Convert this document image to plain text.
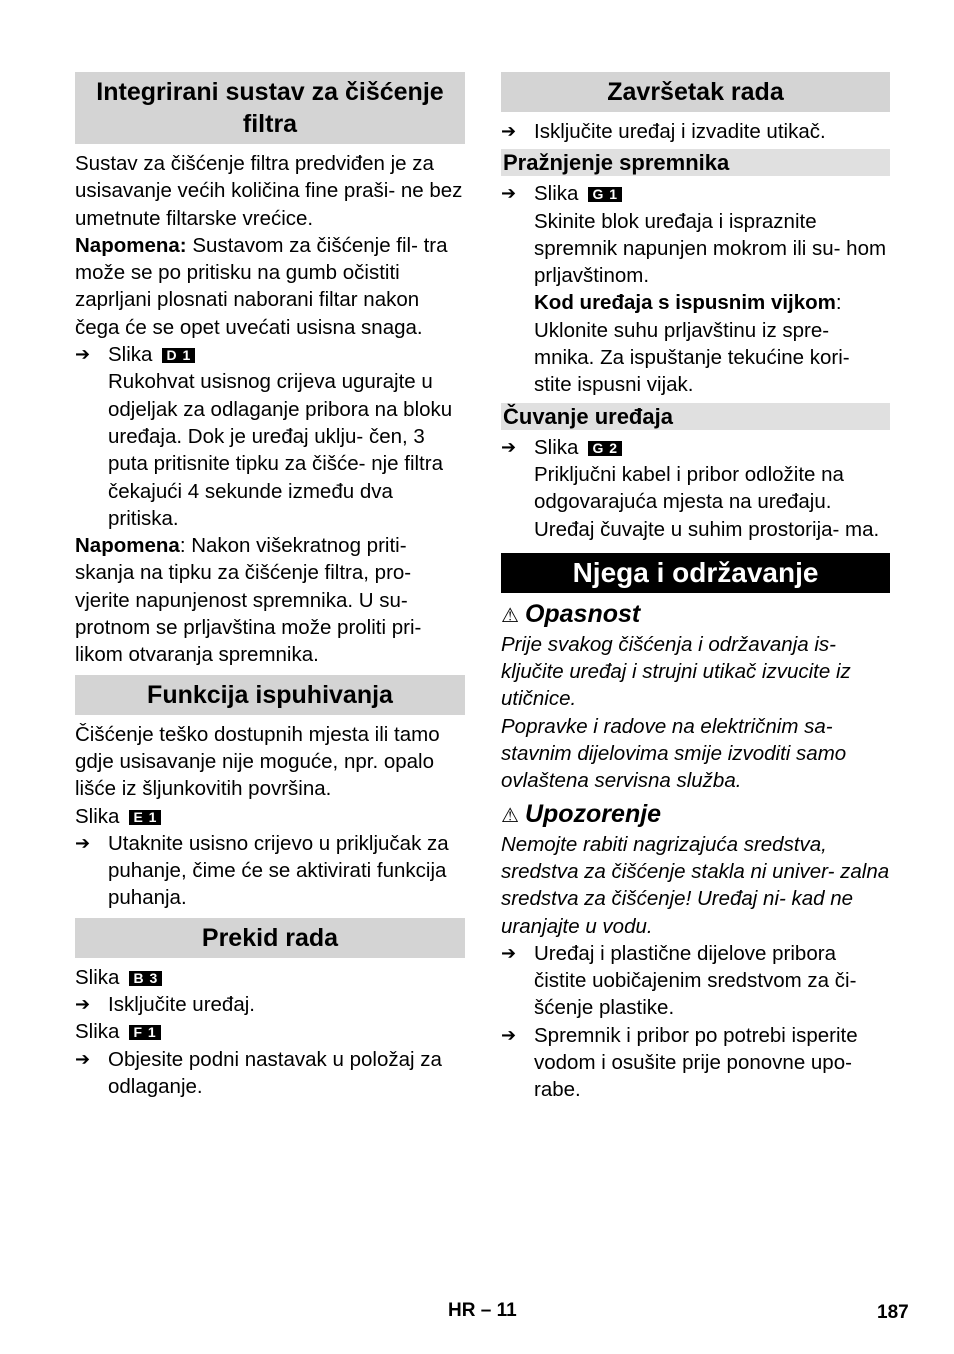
Integrirani sustav za čišćenje filtra

Sustav za čišćenje filtra predviđen je za usisavanje većih količina fine praši- ne bez umetnute filtarske vrećice.

Napomena: Sustavom za čišćenje fil- tra može se po pritisku na gumb očistiti zaprljani plosnati naborani filtar nakon čega će se opet uvećati usisna snaga.

➔ Slika D 1
Rukohvat usisnog crijeva ugurajte u odjeljak za odlaganje pribora na bloku uređaja. Dok je uređaj uklju- čen, 3 puta pritisnite tipku za čišće- nje filtra čekajući 4 sekunde između dva pritiska.

Napomena: Nakon višekratnog priti- skanja na tipku za čišćenje filtra, pro- vjerite napunjenost spremnika. U su- protnom se prljavština može proliti pri- likom otvaranja spremnika.

Funkcija ispuhivanja

Čišćenje teško dostupnih mjesta ili tamo gdje usisavanje nije moguće, npr. opalo lišće iz šljunkovitih površina.

Slika E 1

➔ Utaknite usisno crijevo u priključak za puhanje, čime će se aktivirati funkcija puhanja.
Prekid rada

Slika B 3

➔ Isključite uređaj.

Slika F 1

➔ Objesite podni nastavak u položaj za odlaganje.
Završetak rada
➔ Isključite uređaj i izvadite utikač.
Pražnjenje spremnika
➔ Slika G 1
Skinite blok uređaja i ispraznite spremnik napunjen mokrom ili su- hom prljavštinom.
Kod uređaja s ispusnim vijkom: Uklonite suhu prljavštinu iz spre- mnika. Za ispuštanje tekućine kori- stite ispusni vijak.
Čuvanje uređaja
➔ Slika G 2
Priključni kabel i pribor odložite na odgovarajuća mjesta na uređaju. Uređaj čuvajte u suhim prostorija- ma.
Njega i održavanje
⚠ Opasnost

Prije svakog čišćenja i održavanja is- ključite uređaj i strujni utikač izvucite iz utičnice.

Popravke i radove na električnim sa- stavnim dijelovima smije izvoditi samo ovlaštena servisna služba.

⚠ Upozorenje

Nemojte rabiti nagrizajuća sredstva, sredstva za čišćenje stakla ni univer- zalna sredstva za čišćenje! Uređaj ni- kad ne uranjajte u vodu.

➔ Uređaj i plastične dijelove pribora čistite uobičajenim sredstvom za či- šćenje plastike.
➔ Spremnik i pribor po potrebi isperite vodom i osušite prije ponovne upo- rabe.
HR – 11	187
